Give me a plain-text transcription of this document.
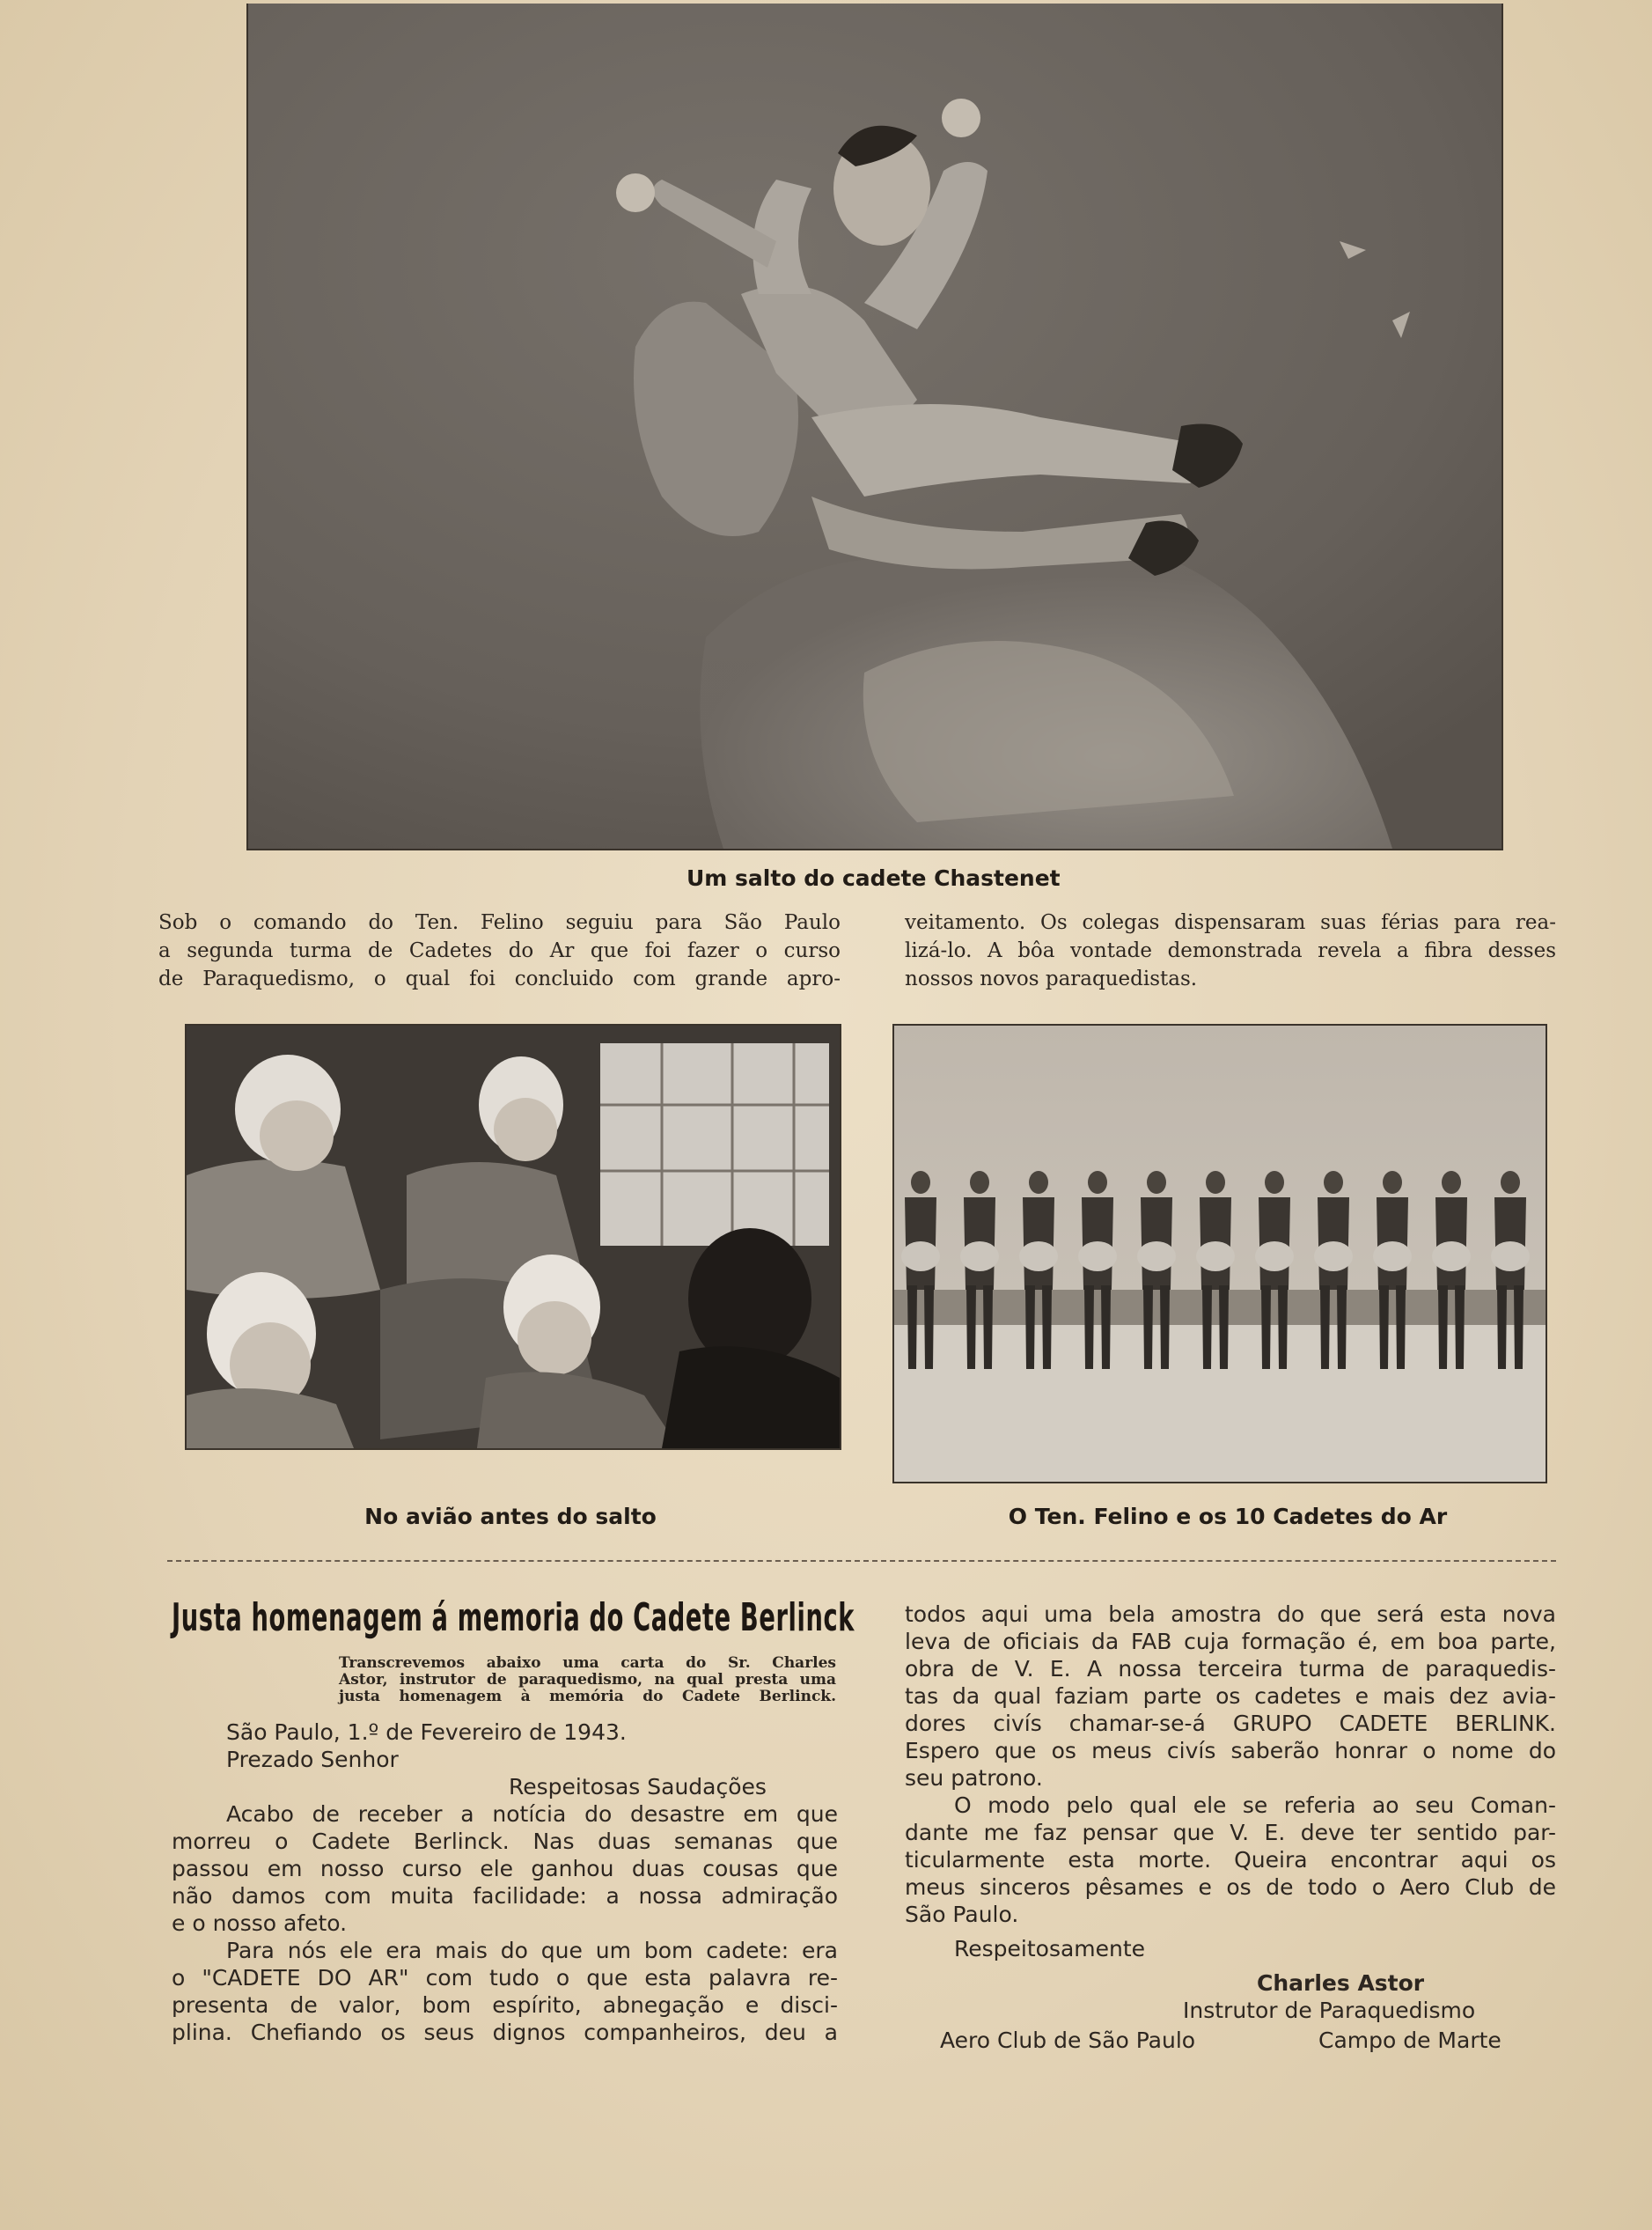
Um salto do cadete Chastenet
Sob o comando do Ten. Felino seguiu para São Paulo
a segunda turma de Cadetes do Ar que foi fazer o curso
de Paraquedismo, o qual foi concluido com grande apro-
veitamento. Os colegas dispensaram suas férias para rea-
lizá-lo. A bôa vontade demonstrada revela a fibra desses
nossos novos paraquedistas.
No avião antes do salto	O Ten. Felino e os 10 Cadetes do Ar
Justa homenagem á memoria do Cadete Berlinck
Transcrevemos abaixo uma carta do Sr. Charles
Astor, instrutor de paraquedismo, na qual presta uma
justa homenagem à memória do Cadete Berlinck.
São Paulo, 1.º de Fevereiro de 1943.
Prezado Senhor
Respeitosas Saudações
Acabo de receber a notícia do desastre em que
morreu o Cadete Berlinck. Nas duas semanas que
passou em nosso curso ele ganhou duas cousas que
não damos com muita facilidade: a nossa admiração
e o nosso afeto.
Para nós ele era mais do que um bom cadete: era
o "CADETE DO AR" com tudo o que esta palavra re-
presenta de valor, bom espírito, abnegação e disci-
plina. Chefiando os seus dignos companheiros, deu a
todos aqui uma bela amostra do que será esta nova
leva de oficiais da FAB cuja formação é, em boa parte,
obra de V. E. A nossa terceira turma de paraquedis-
tas da qual faziam parte os cadetes e mais dez avia-
dores civís chamar-se-á GRUPO CADETE BERLINK.
Espero que os meus civís saberão honrar o nome do
seu patrono.
O modo pelo qual ele se referia ao seu Coman-
dante me faz pensar que V. E. deve ter sentido par-
ticularmente esta morte. Queira encontrar aqui os
meus sinceros pêsames e os de todo o Aero Club de
São Paulo.
Respeitosamente
Charles Astor
Instrutor de Paraquedismo
Aero Club de São Paulo	Campo de Marte
